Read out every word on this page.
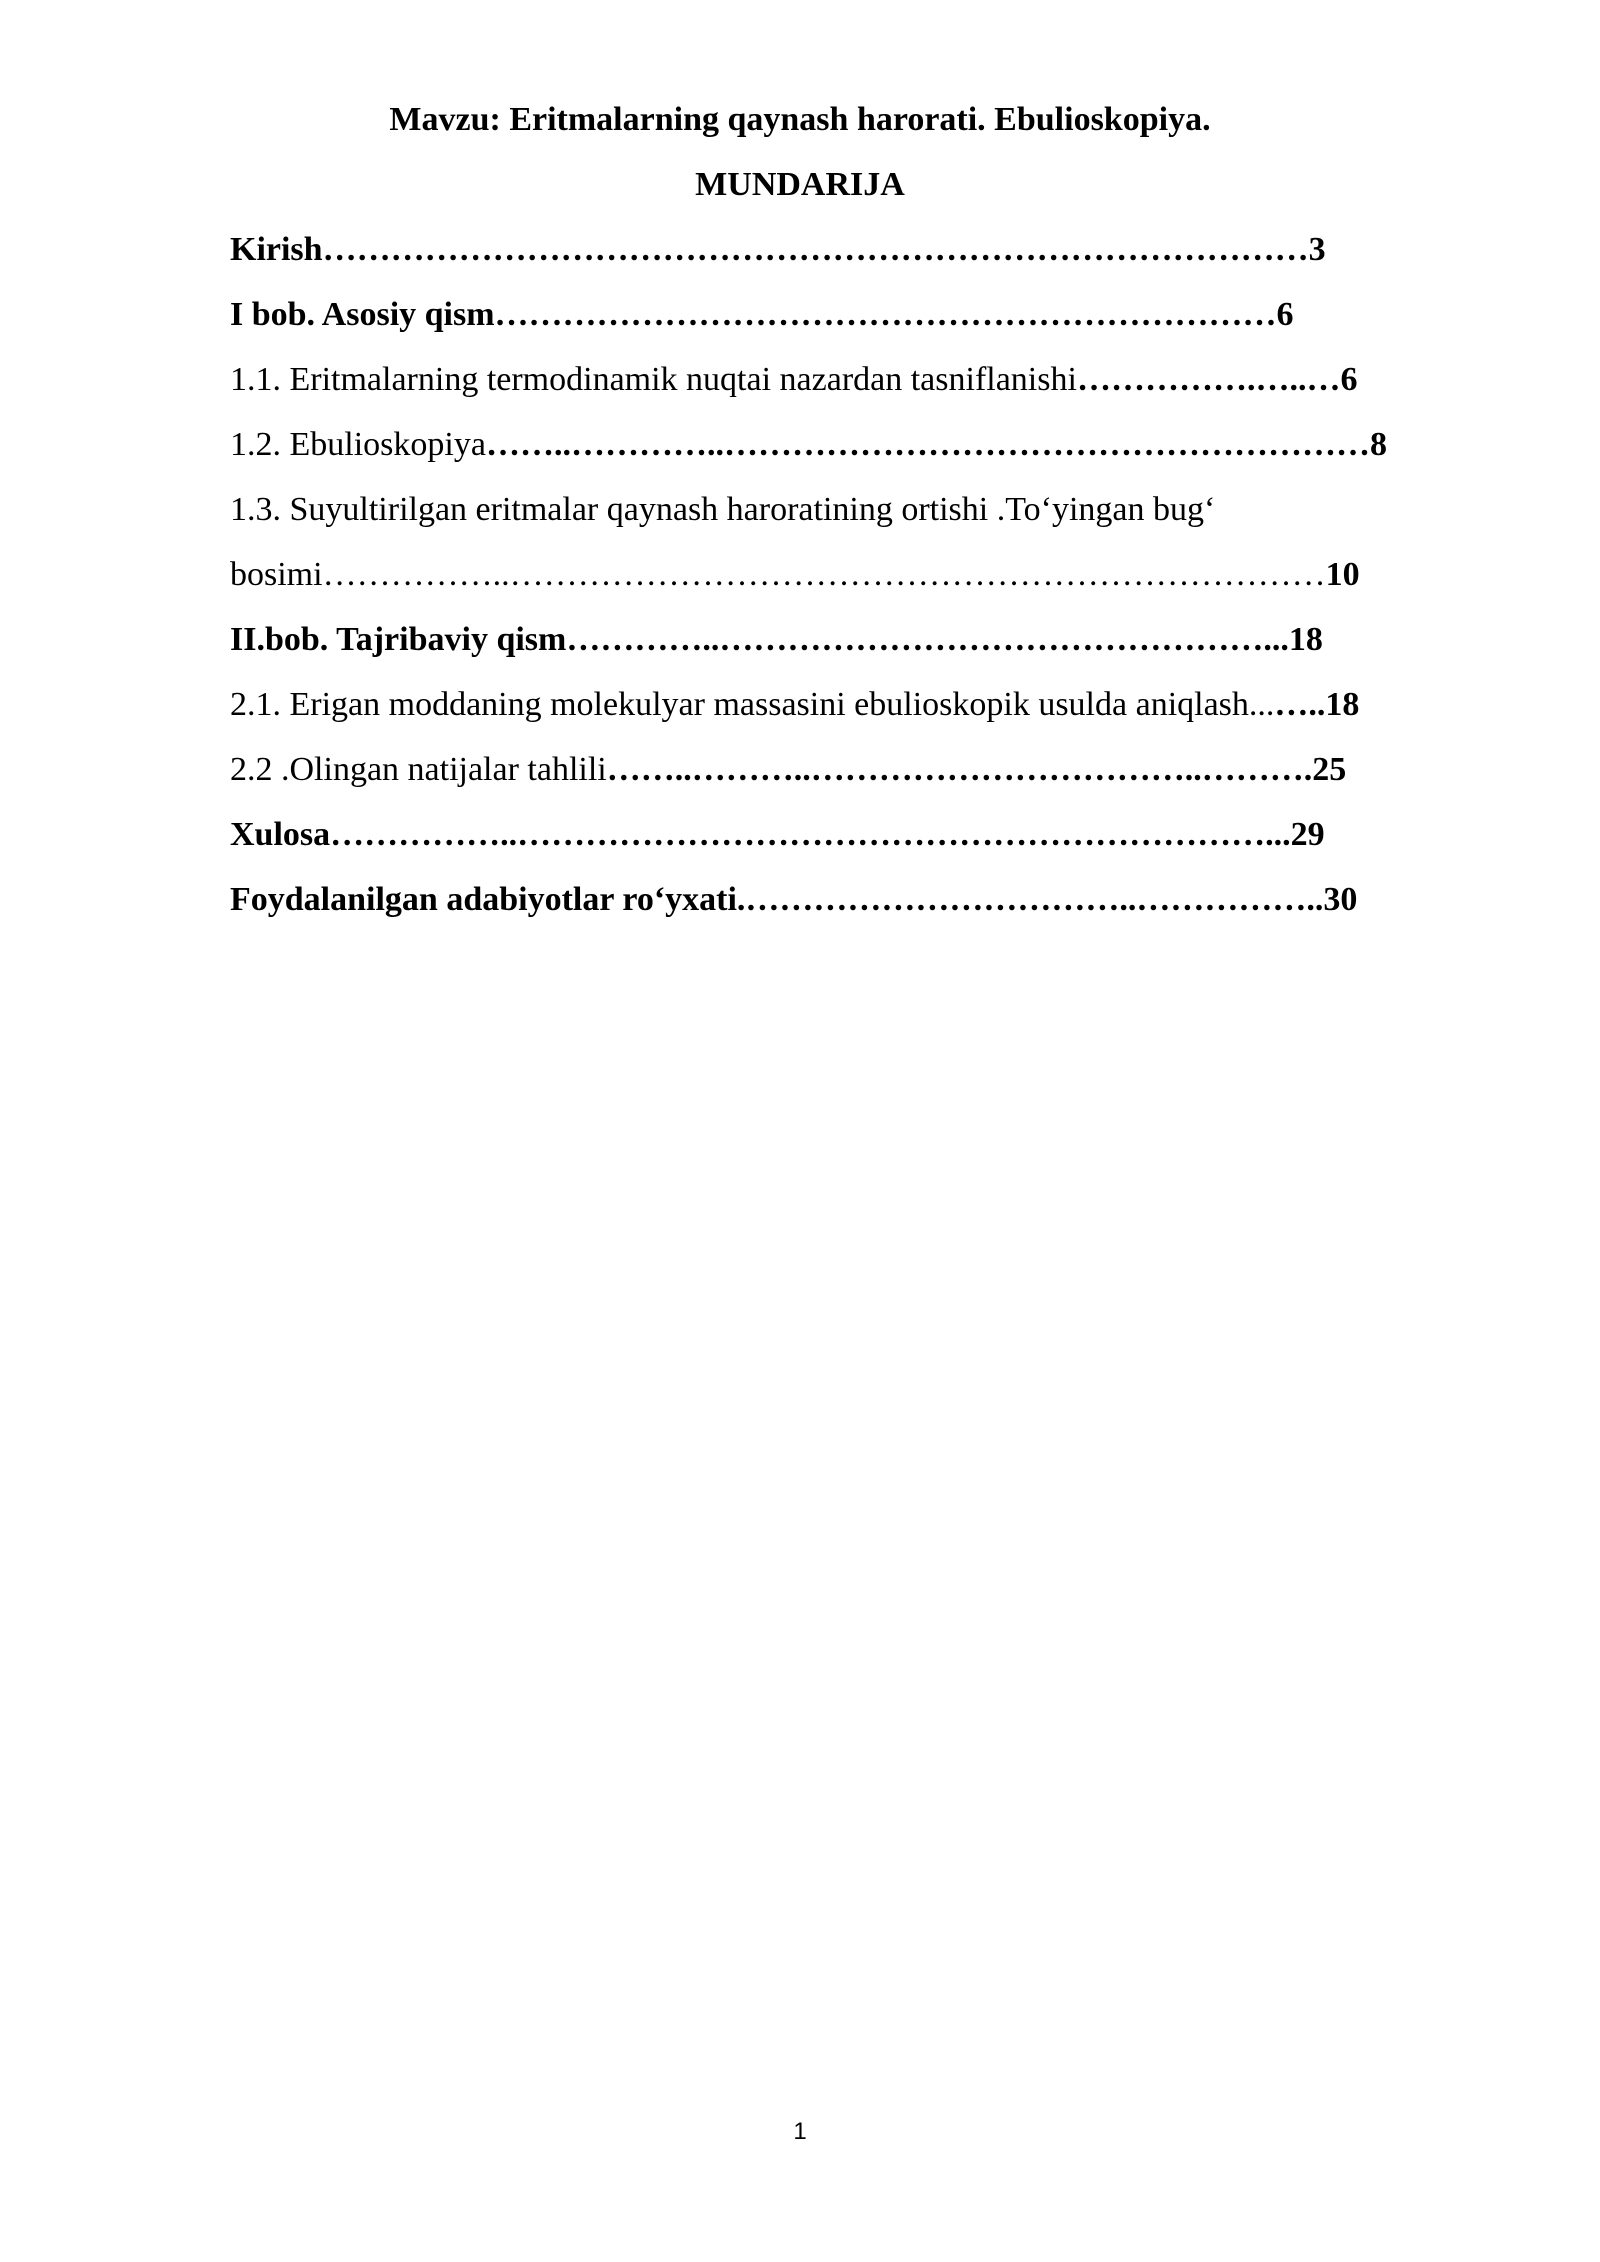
Mavzu: Eritmalarning qaynash harorati. Ebulioskopiya.
MUNDARIJA
Kirish……………………………………………………………………………3
I bob. Asosiy qism……………………………………………………………6
1.1. Eritmalarning termodinamik nuqtai nazardan tasniflanishi…………….…..…6
1.2. Ebulioskopiya……..…………..…………………………………………………8
1.3. Suyultirilgan eritmalar qaynash haroratining ortishi .To‘yingan bug‘
bosimi……………..………………………………………………………………10
II.bob. Tajribaviy qism…………..…………………………………………...18
2.1. Erigan moddaning molekulyar massasini ebulioskopik usulda aniqlash...…..18
2.2 .Olingan natijalar tahlili……..………..……………………………..……….25
Xulosa……………..…………………………………………………………...29
Foydalanilgan adabiyotlar ro‘yxati.……………………………..……………..30
1
